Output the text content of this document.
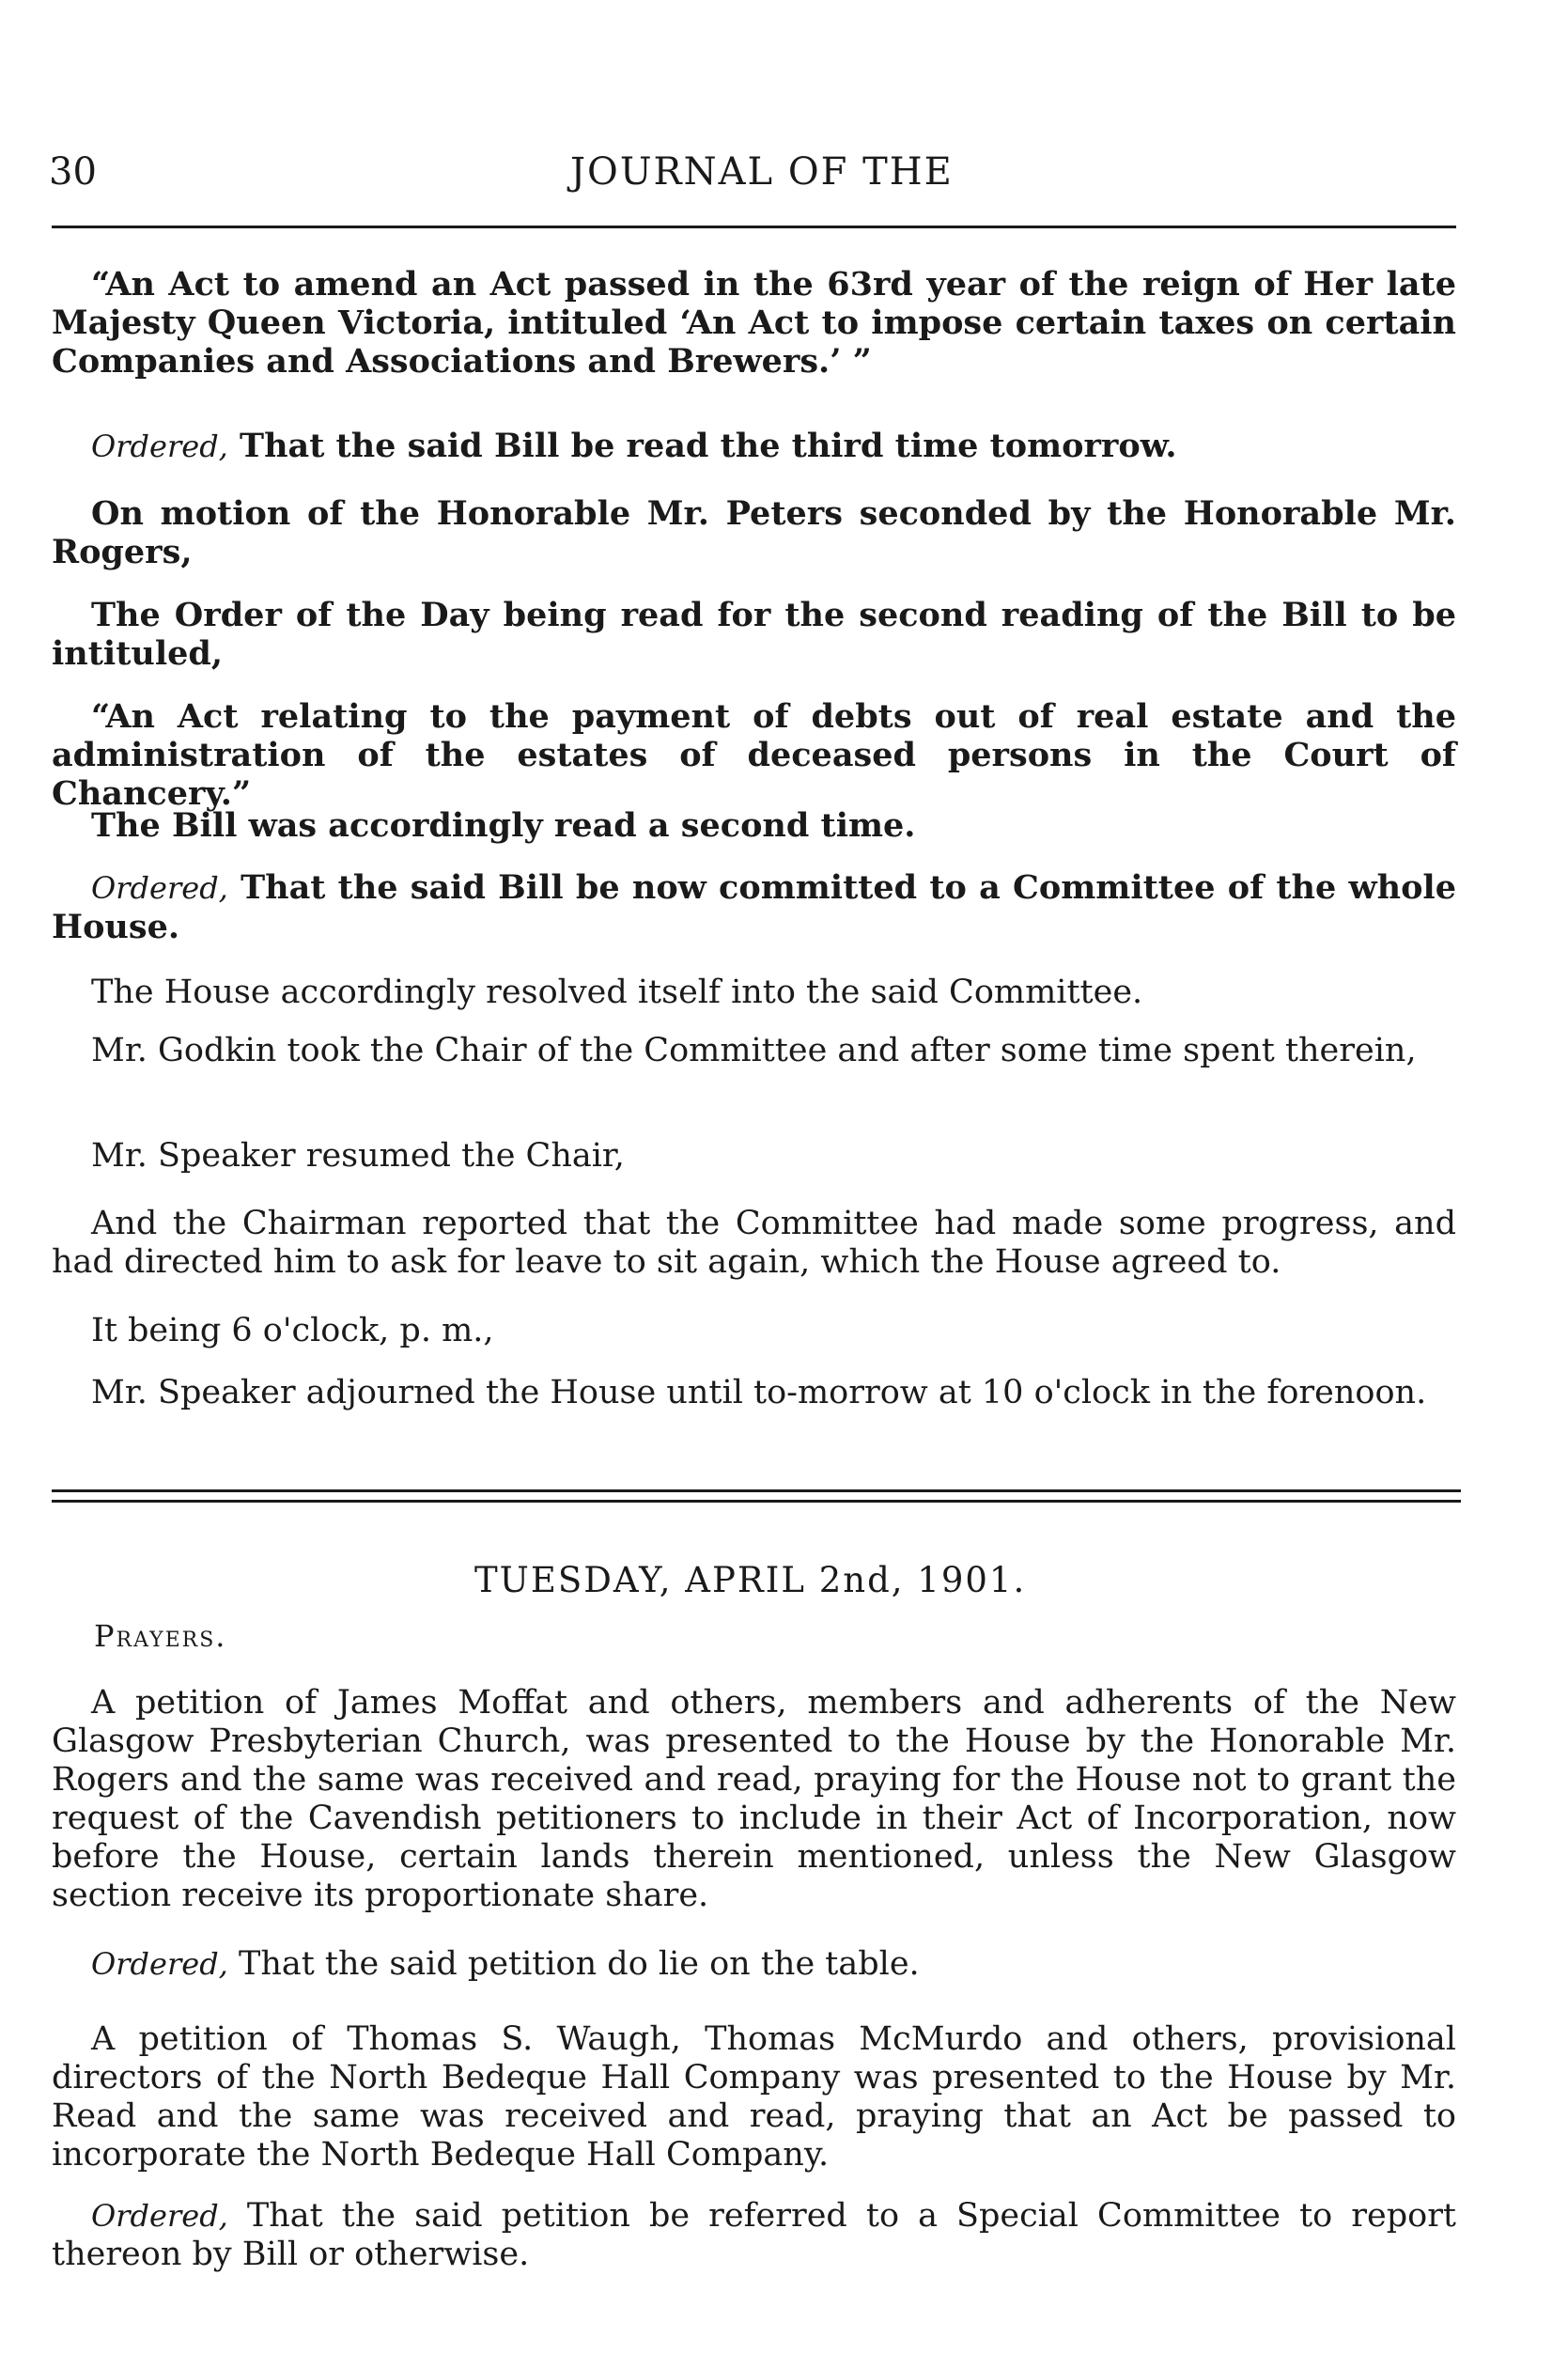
30	JOURNAL OF THE

“An Act to amend an Act passed in the 63rd year of the reign of Her late Majesty Queen Victoria, intituled ‘An Act to impose certain taxes on certain Companies and Associations and Brewers.’ ”

Ordered, That the said Bill be read the third time tomorrow.

On motion of the Honorable Mr. Peters seconded by the Honorable Mr. Rogers,

The Order of the Day being read for the second reading of the Bill to be intituled,

“An Act relating to the payment of debts out of real estate and the administration of the estates of deceased persons in the Court of Chancery.”

The Bill was accordingly read a second time.

Ordered, That the said Bill be now committed to a Committee of the whole House.

The House accordingly resolved itself into the said Committee.

Mr. Godkin took the Chair of the Committee and after some time spent therein,

Mr. Speaker resumed the Chair,

And the Chairman reported that the Committee had made some progress, and had directed him to ask for leave to sit again, which the House agreed to.

It being 6 o'clock, p. m.,

Mr. Speaker adjourned the House until to-morrow at 10 o'clock in the forenoon.

TUESDAY, APRIL 2nd, 1901.
Prayers.

A petition of James Moffat and others, members and adherents of the New Glasgow Presbyterian Church, was presented to the House by the Honorable Mr. Rogers and the same was received and read, praying for the House not to grant the request of the Cavendish petitioners to include in their Act of Incorporation, now before the House, certain lands therein mentioned, unless the New Glasgow section receive its proportionate share.

Ordered, That the said petition do lie on the table.

A petition of Thomas S. Waugh, Thomas McMurdo and others, provisional directors of the North Bedeque Hall Company was presented to the House by Mr. Read and the same was received and read, praying that an Act be passed to incorporate the North Bedeque Hall Company.

Ordered, That the said petition be referred to a Special Committee to report thereon by Bill or otherwise.
